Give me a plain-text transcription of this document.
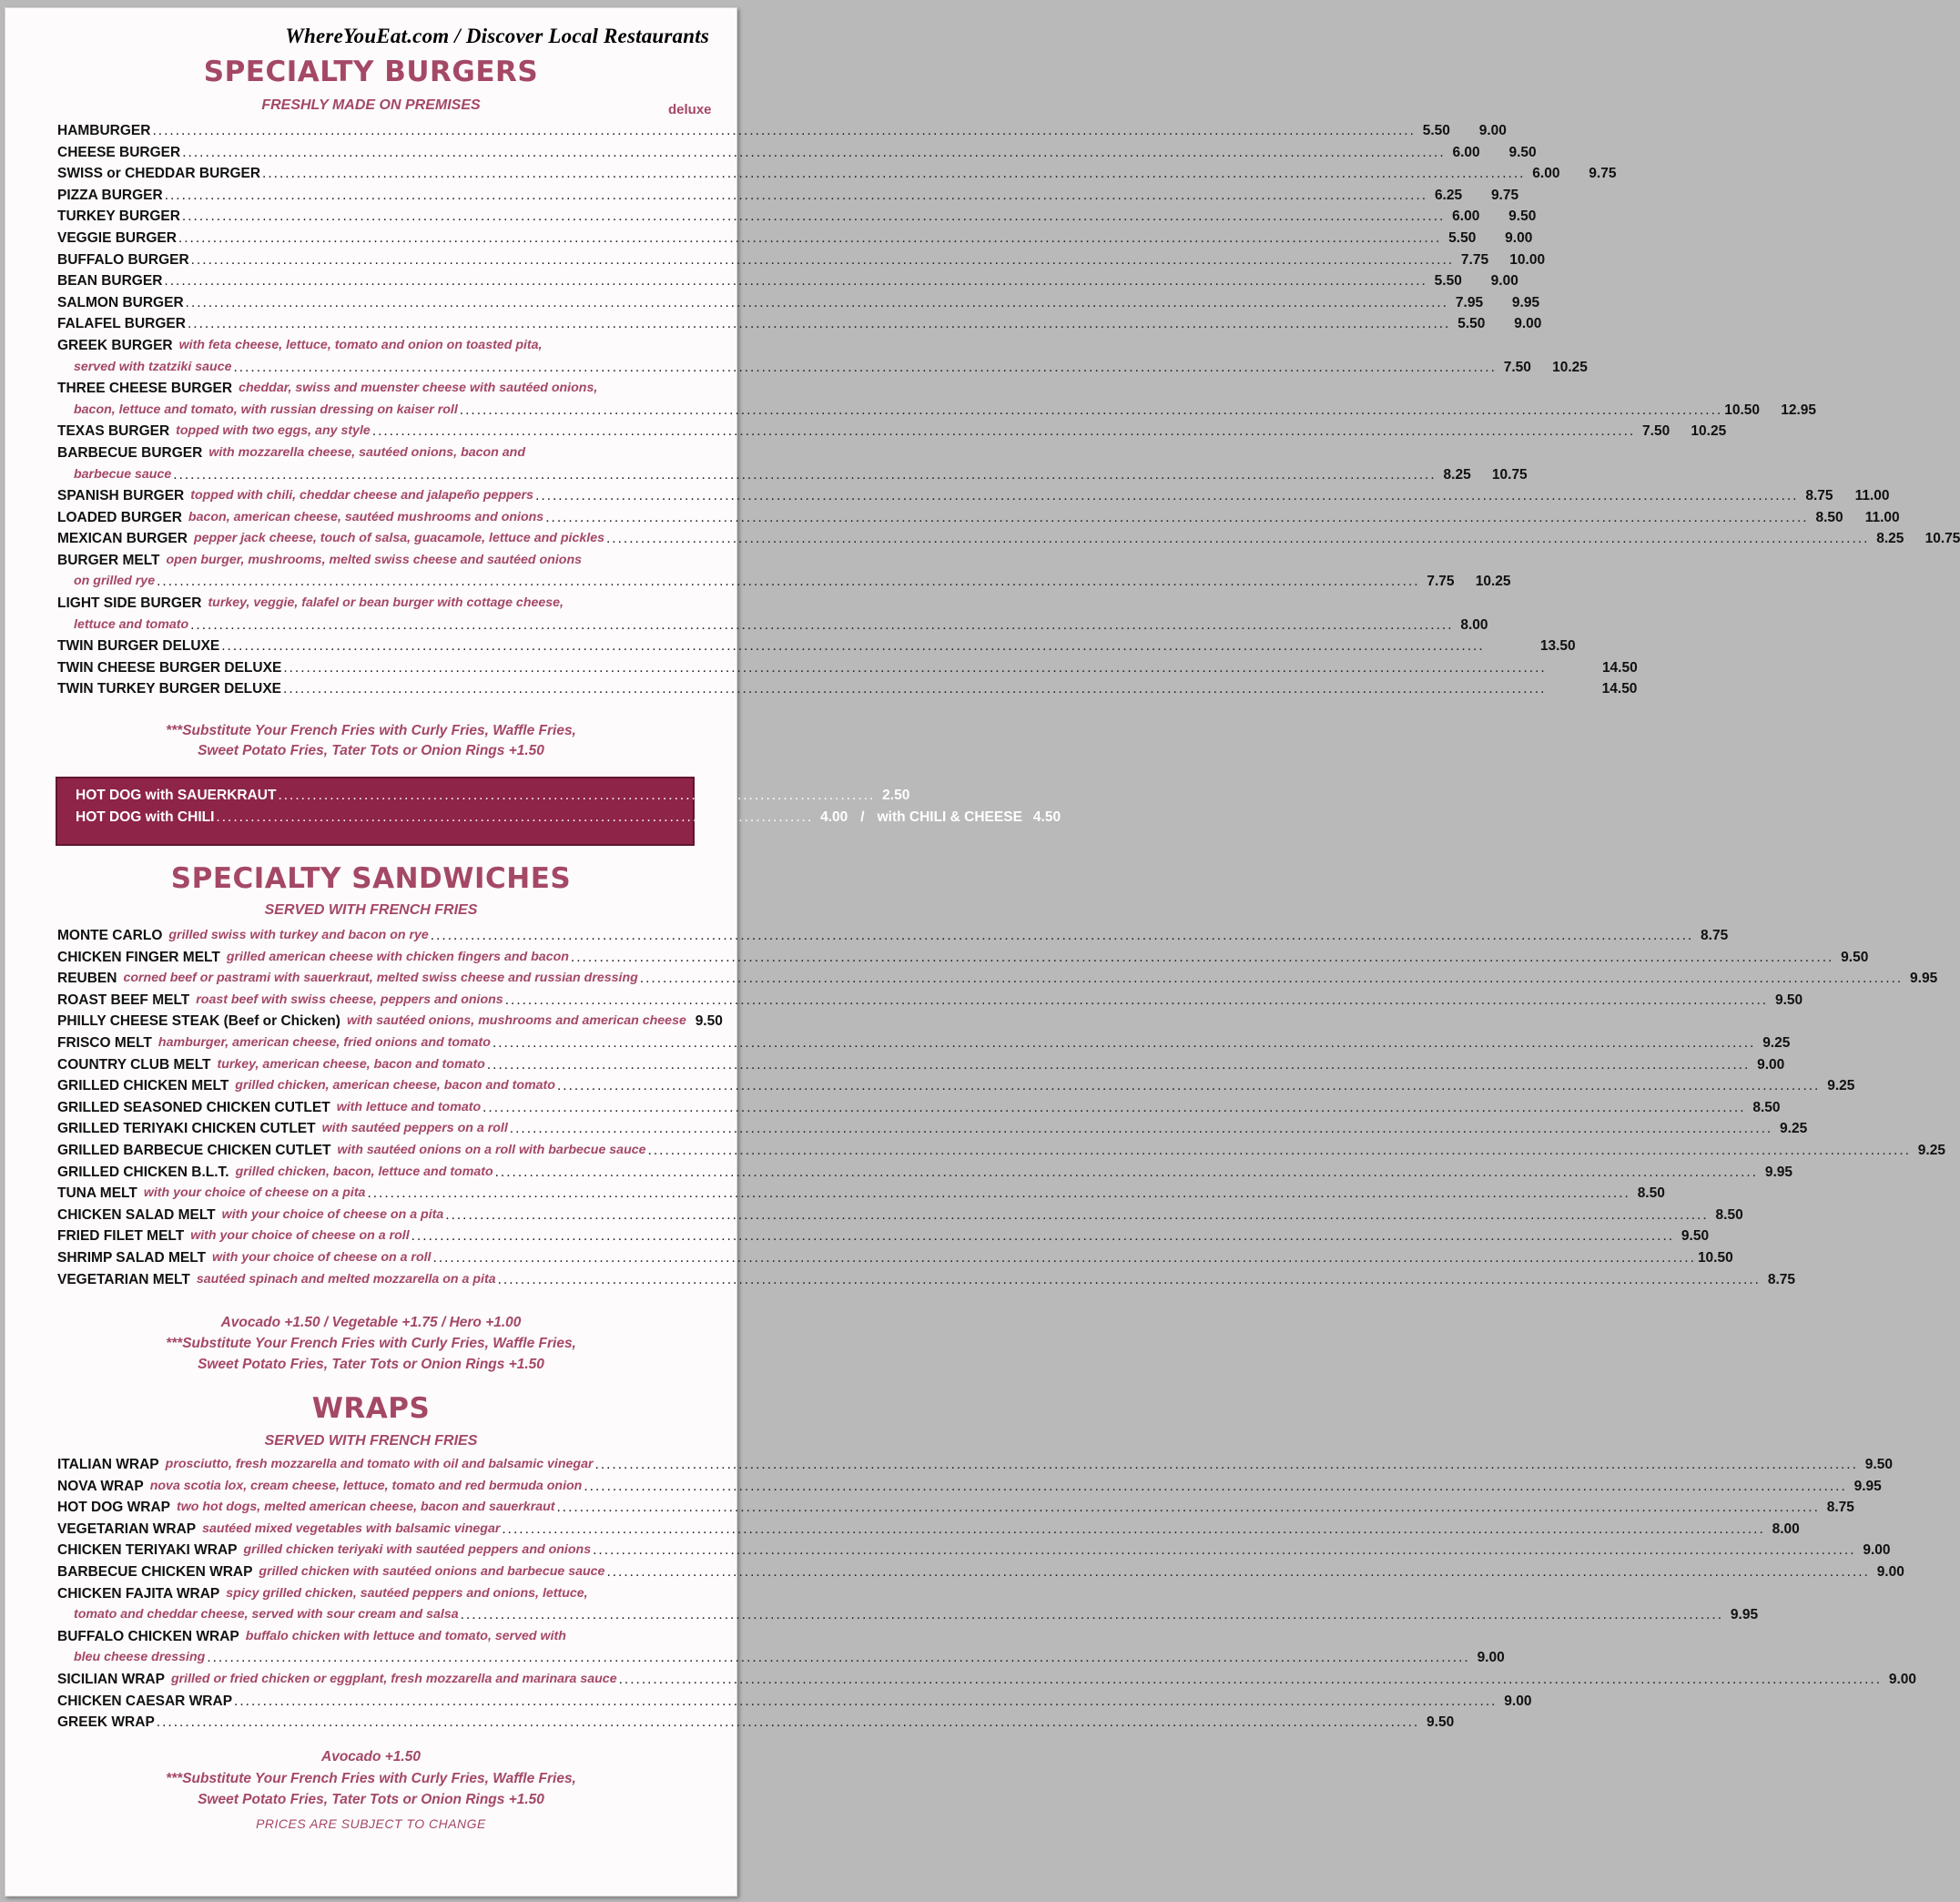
WhereYouEat.com / Discover Local Restaurants
SPECIALTY BURGERS
FRESHLY MADE ON PREMISES	deluxe
HAMBURGER ............................................................................................................................................................................................................................ 5.50	9.00
CHEESE BURGER ............................................................................................................................................................................................................................ 6.00	9.50
SWISS or CHEDDAR BURGER ............................................................................................................................................................................................................................ 6.00	9.75
PIZZA BURGER ............................................................................................................................................................................................................................ 6.25	9.75
TURKEY BURGER ............................................................................................................................................................................................................................ 6.00	9.50
VEGGIE BURGER ............................................................................................................................................................................................................................ 5.50	9.00
BUFFALO BURGER ............................................................................................................................................................................................................................ 7.75	10.00
BEAN BURGER ............................................................................................................................................................................................................................ 5.50	9.00
SALMON BURGER ............................................................................................................................................................................................................................ 7.95	9.95
FALAFEL BURGER ............................................................................................................................................................................................................................ 5.50	9.00
GREEK BURGER with feta cheese, lettuce, tomato and onion on toasted pita,
served with tzatziki sauce ............................................................................................................................................................................................................................ 7.50	10.25
THREE CHEESE BURGER cheddar, swiss and muenster cheese with sautéed onions,
bacon, lettuce and tomato, with russian dressing on kaiser roll ............................................................................................................................................................................................................................ 10.50	12.95
TEXAS BURGER topped with two eggs, any style ............................................................................................................................................................................................................................ 7.50	10.25
BARBECUE BURGER with mozzarella cheese, sautéed onions, bacon and
barbecue sauce ............................................................................................................................................................................................................................ 8.25	10.75
SPANISH BURGER topped with chili, cheddar cheese and jalapeño peppers ............................................................................................................................................................................................................................ 8.75	11.00
LOADED BURGER bacon, american cheese, sautéed mushrooms and onions ............................................................................................................................................................................................................................ 8.50	11.00
MEXICAN BURGER pepper jack cheese, touch of salsa, guacamole, lettuce and pickles ............................................................................................................................................................................................................................ 8.25	10.75
BURGER MELT open burger, mushrooms, melted swiss cheese and sautéed onions
on grilled rye ............................................................................................................................................................................................................................ 7.75	10.25
LIGHT SIDE BURGER turkey, veggie, falafel or bean burger with cottage cheese,
lettuce and tomato ............................................................................................................................................................................................................................ 8.00
TWIN BURGER DELUXE ............................................................................................................................................................................................................................	13.50
TWIN CHEESE BURGER DELUXE ............................................................................................................................................................................................................................	14.50
TWIN TURKEY BURGER DELUXE ............................................................................................................................................................................................................................	14.50
***Substitute Your French Fries with Curly Fries, Waffle Fries,
Sweet Potato Fries, Tater Tots or Onion Rings +1.50
HOT DOG with SAUERKRAUT ........................................................................................................ 2.50
HOT DOG with CHILI ........................................................................................................ 4.00 / with CHILI & CHEESE 4.50
SPECIALTY SANDWICHES
SERVED WITH FRENCH FRIES
MONTE CARLO grilled swiss with turkey and bacon on rye ............................................................................................................................................................................................................................ 8.75
CHICKEN FINGER MELT grilled american cheese with chicken fingers and bacon ............................................................................................................................................................................................................................ 9.50
REUBEN corned beef or pastrami with sauerkraut, melted swiss cheese and russian dressing ............................................................................................................................................................................................................................ 9.95
ROAST BEEF MELT roast beef with swiss cheese, peppers and onions ............................................................................................................................................................................................................................ 9.50
PHILLY CHEESE STEAK (Beef or Chicken) with sautéed onions, mushrooms and american cheese 9.50
FRISCO MELT hamburger, american cheese, fried onions and tomato ............................................................................................................................................................................................................................ 9.25
COUNTRY CLUB MELT turkey, american cheese, bacon and tomato ............................................................................................................................................................................................................................ 9.00
GRILLED CHICKEN MELT grilled chicken, american cheese, bacon and tomato ............................................................................................................................................................................................................................ 9.25
GRILLED SEASONED CHICKEN CUTLET with lettuce and tomato ............................................................................................................................................................................................................................ 8.50
GRILLED TERIYAKI CHICKEN CUTLET with sautéed peppers on a roll ............................................................................................................................................................................................................................ 9.25
GRILLED BARBECUE CHICKEN CUTLET with sautéed onions on a roll with barbecue sauce ............................................................................................................................................................................................................................ 9.25
GRILLED CHICKEN B.L.T. grilled chicken, bacon, lettuce and tomato ............................................................................................................................................................................................................................ 9.95
TUNA MELT with your choice of cheese on a pita ............................................................................................................................................................................................................................ 8.50
CHICKEN SALAD MELT with your choice of cheese on a pita ............................................................................................................................................................................................................................ 8.50
FRIED FILET MELT with your choice of cheese on a roll ............................................................................................................................................................................................................................ 9.50
SHRIMP SALAD MELT with your choice of cheese on a roll ............................................................................................................................................................................................................................ 10.50
VEGETARIAN MELT sautéed spinach and melted mozzarella on a pita ............................................................................................................................................................................................................................ 8.75
Avocado +1.50 / Vegetable +1.75 / Hero +1.00
***Substitute Your French Fries with Curly Fries, Waffle Fries,
Sweet Potato Fries, Tater Tots or Onion Rings +1.50
WRAPS
SERVED WITH FRENCH FRIES
ITALIAN WRAP prosciutto, fresh mozzarella and tomato with oil and balsamic vinegar ............................................................................................................................................................................................................................ 9.50
NOVA WRAP nova scotia lox, cream cheese, lettuce, tomato and red bermuda onion ............................................................................................................................................................................................................................ 9.95
HOT DOG WRAP two hot dogs, melted american cheese, bacon and sauerkraut ............................................................................................................................................................................................................................ 8.75
VEGETARIAN WRAP sautéed mixed vegetables with balsamic vinegar ............................................................................................................................................................................................................................ 8.00
CHICKEN TERIYAKI WRAP grilled chicken teriyaki with sautéed peppers and onions ............................................................................................................................................................................................................................ 9.00
BARBECUE CHICKEN WRAP grilled chicken with sautéed onions and barbecue sauce ............................................................................................................................................................................................................................ 9.00
CHICKEN FAJITA WRAP spicy grilled chicken, sautéed peppers and onions, lettuce,
tomato and cheddar cheese, served with sour cream and salsa ............................................................................................................................................................................................................................ 9.95
BUFFALO CHICKEN WRAP buffalo chicken with lettuce and tomato, served with
bleu cheese dressing ............................................................................................................................................................................................................................ 9.00
SICILIAN WRAP grilled or fried chicken or eggplant, fresh mozzarella and marinara sauce ............................................................................................................................................................................................................................ 9.00
CHICKEN CAESAR WRAP ............................................................................................................................................................................................................................ 9.00
GREEK WRAP ............................................................................................................................................................................................................................ 9.50
Avocado +1.50
***Substitute Your French Fries with Curly Fries, Waffle Fries,
Sweet Potato Fries, Tater Tots or Onion Rings +1.50
PRICES ARE SUBJECT TO CHANGE
